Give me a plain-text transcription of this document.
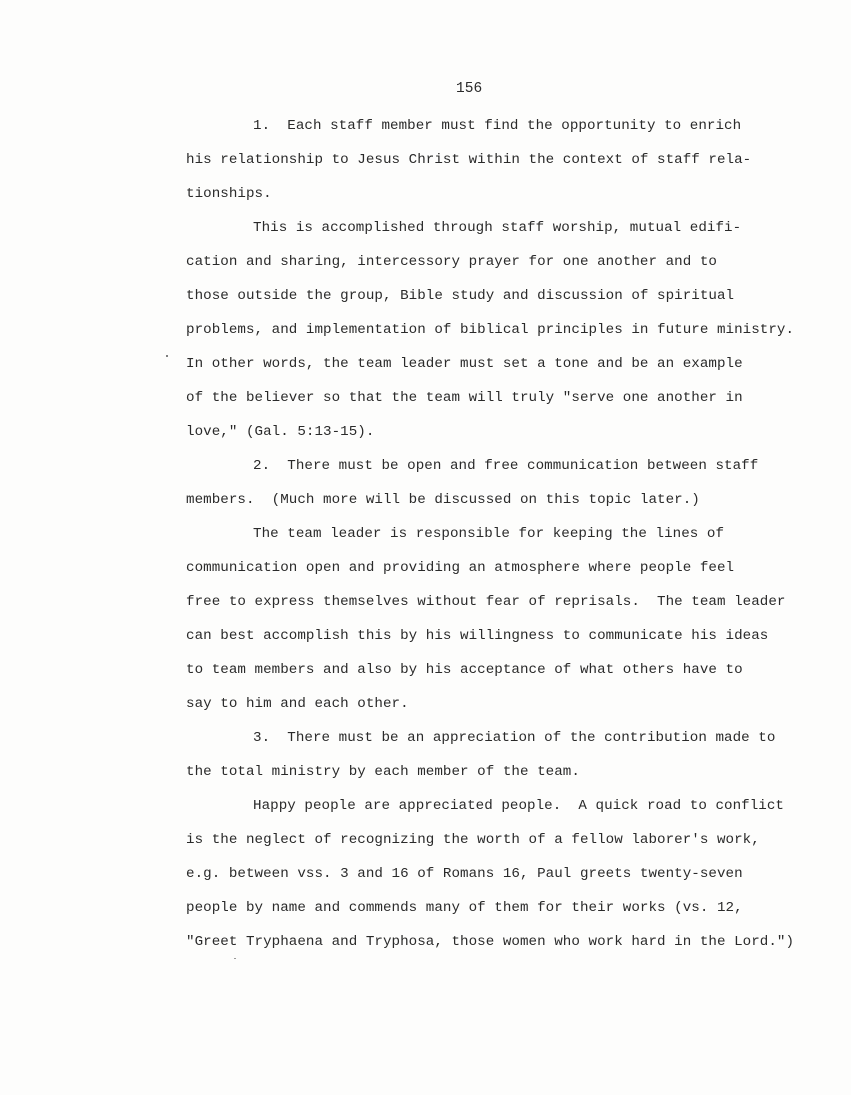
156
1.  Each staff member must find the opportunity to enrich
his relationship to Jesus Christ within the context of staff rela-
tionships.
This is accomplished through staff worship, mutual edifi-
cation and sharing, intercessory prayer for one another and to
those outside the group, Bible study and discussion of spiritual
problems, and implementation of biblical principles in future ministry.
In other words, the team leader must set a tone and be an example
of the believer so that the team will truly "serve one another in
love," (Gal. 5:13-15).
2.  There must be open and free communication between staff
members.  (Much more will be discussed on this topic later.)
The team leader is responsible for keeping the lines of
communication open and providing an atmosphere where people feel
free to express themselves without fear of reprisals.  The team leader
can best accomplish this by his willingness to communicate his ideas
to team members and also by his acceptance of what others have to
say to him and each other.
3.  There must be an appreciation of the contribution made to
the total ministry by each member of the team.
Happy people are appreciated people.  A quick road to conflict
is the neglect of recognizing the worth of a fellow laborer's work,
e.g. between vss. 3 and 16 of Romans 16, Paul greets twenty-seven
people by name and commends many of them for their works (vs. 12,
"Greet Tryphaena and Tryphosa, those women who work hard in the Lord.")
